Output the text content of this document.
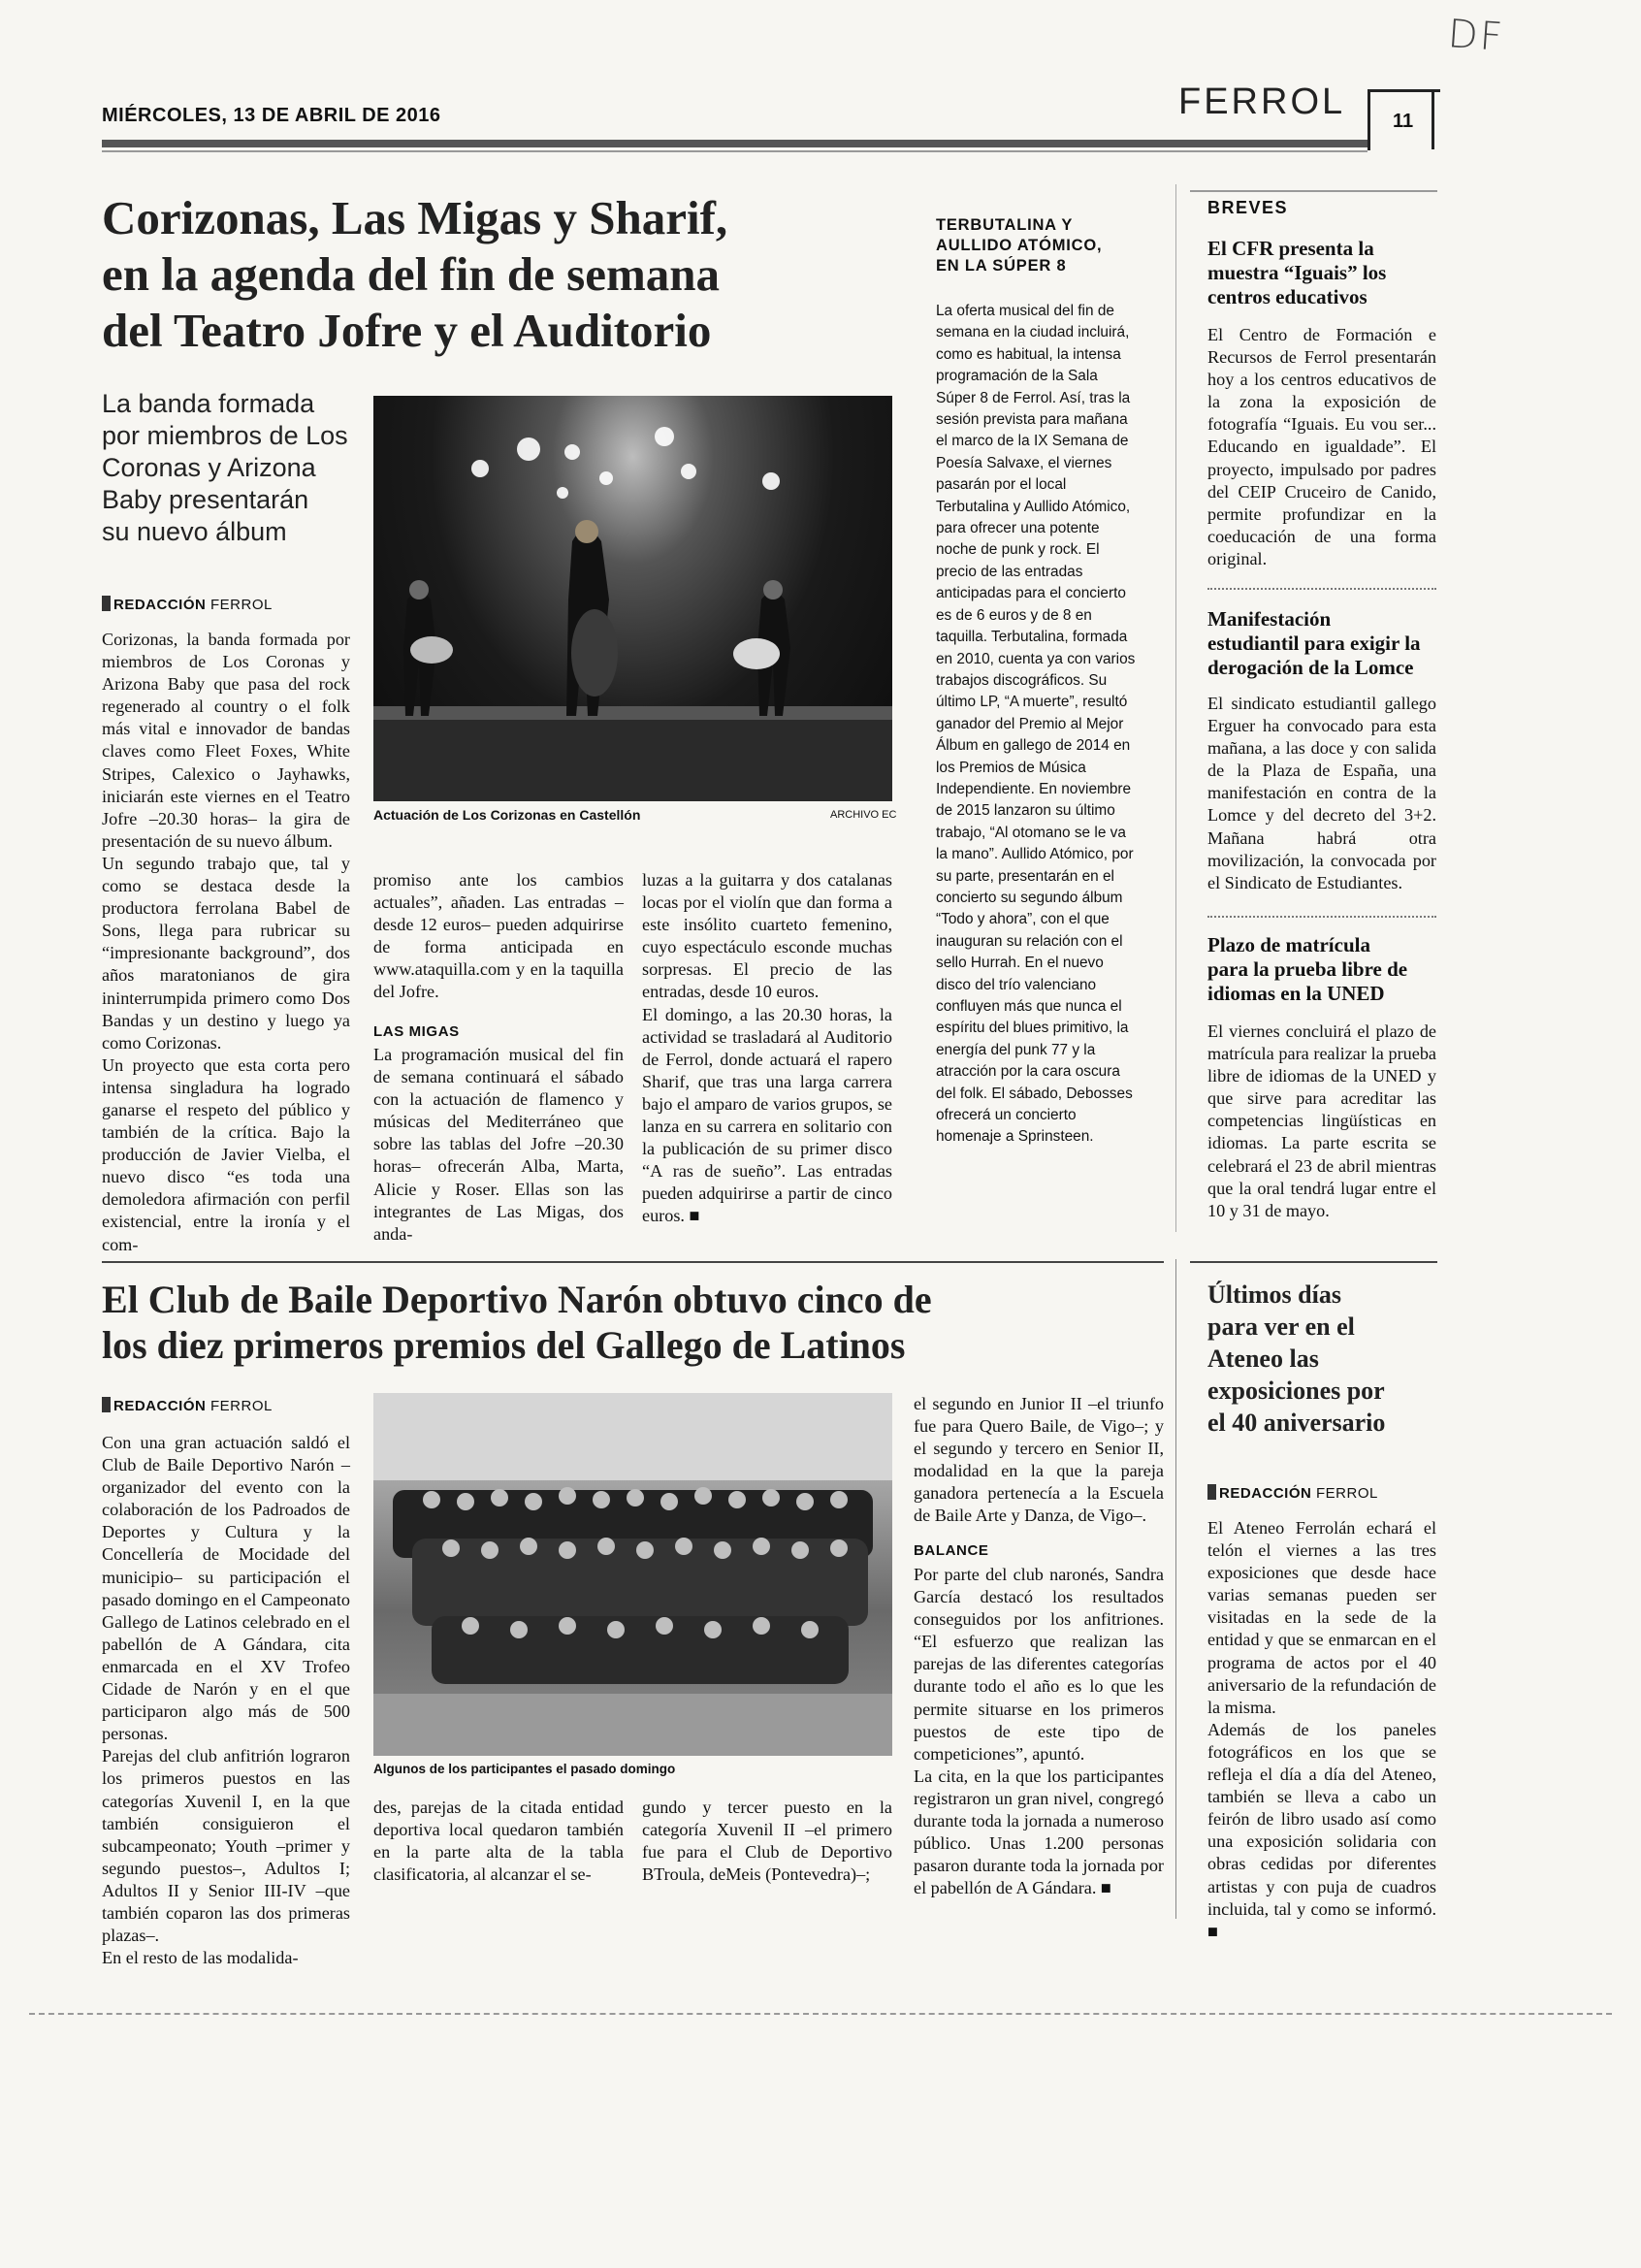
DF
MIÉRCOLES, 13 DE ABRIL DE 2016	FERROL 11
Corizonas, Las Migas y Sharif,
en la agenda del fin de semana
del Teatro Jofre y el Auditorio
La banda formada
por miembros de Los
Coronas y Arizona
Baby presentarán
su nuevo álbum
REDACCIÓN FERROL
Actuación de Los Corizonas en Castellón	ARCHIVO EC
Corizonas, la banda formada por miembros de Los Coronas y Arizona Baby que pasa del rock regenerado al country o el folk más vital e innovador de bandas claves como Fleet Foxes, White Stripes, Calexico o Jayhawks, iniciarán este viernes en el Teatro Jofre –20.30 horas– la gira de presentación de su nuevo álbum.
Un segundo trabajo que, tal y como se destaca desde la productora ferrolana Babel de Sons, llega para rubricar su “impresionante background”, dos años maratonianos de gira ininterrumpida primero como Dos Bandas y un destino y luego ya como Corizonas.
Un proyecto que esta corta pero intensa singladura ha logrado ganarse el respeto del público y también de la crítica. Bajo la producción de Javier Vielba, el nuevo disco “es toda una demoledora afirmación con perfil existencial, entre la ironía y el com-
promiso ante los cambios actuales”, añaden. Las entradas –desde 12 euros– pueden adquirirse de forma anticipada en www.ataquilla.com y en la taquilla del Jofre.
LAS MIGAS
La programación musical del fin de semana continuará el sábado con la actuación de flamenco y músicas del Mediterráneo que sobre las tablas del Jofre –20.30 horas– ofrecerán Alba, Marta, Alicie y Roser. Ellas son las integrantes de Las Migas, dos anda-
luzas a la guitarra y dos catalanas locas por el violín que dan forma a este insólito cuarteto femenino, cuyo espectáculo esconde muchas sorpresas. El precio de las entradas, desde 10 euros.
El domingo, a las 20.30 horas, la actividad se trasladará al Auditorio de Ferrol, donde actuará el rapero Sharif, que tras una larga carrera bajo el amparo de varios grupos, se lanza en su carrera en solitario con la publicación de su primer disco “A ras de sueño”. Las entradas pueden adquirirse a partir de cinco euros. ■
TERBUTALINA Y
AULLIDO ATÓMICO,
EN LA SÚPER 8
La oferta musical del fin de semana en la ciudad incluirá, como es habitual, la intensa programación de la Sala Súper 8 de Ferrol. Así, tras la sesión prevista para mañana el marco de la IX Semana de Poesía Salvaxe, el viernes pasarán por el local Terbutalina y Aullido Atómico, para ofrecer una potente noche de punk y rock. El precio de las entradas anticipadas para el concierto es de 6 euros y de 8 en taquilla. Terbutalina, formada en 2010, cuenta ya con varios trabajos discográficos. Su último LP, “A muerte”, resultó ganador del Premio al Mejor Álbum en gallego de 2014 en los Premios de Música Independiente. En noviembre de 2015 lanzaron su último trabajo, “Al otomano se le va la mano”. Aullido Atómico, por su parte, presentarán en el concierto su segundo álbum “Todo y ahora”, con el que inauguran su relación con el sello Hurrah. En el nuevo disco del trío valenciano confluyen más que nunca el espíritu del blues primitivo, la energía del punk 77 y la atracción por la cara oscura del folk. El sábado, Debosses ofrecerá un concierto homenaje a Sprinsteen.
BREVES
El CFR presenta la
muestra “Iguais” los
centros educativos
El Centro de Formación e Recursos de Ferrol presentarán hoy a los centros educativos de la zona la exposición de fotografía “Iguais. Eu vou ser... Educando en igualdade”. El proyecto, impulsado por padres del CEIP Cruceiro de Canido, permite profundizar en la coeducación de una forma original.
Manifestación
estudiantil para exigir la
derogación de la Lomce
El sindicato estudiantil gallego Erguer ha convocado para esta mañana, a las doce y con salida de la Plaza de España, una manifestación en contra de la Lomce y del decreto del 3+2. Mañana habrá otra movilización, la convocada por el Sindicato de Estudiantes.
Plazo de matrícula
para la prueba libre de
idiomas en la UNED
El viernes concluirá el plazo de matrícula para realizar la prueba libre de idiomas de la UNED y que sirve para acreditar las competencias lingüísticas en idiomas. La parte escrita se celebrará el 23 de abril mientras que la oral tendrá lugar entre el 10 y 31 de mayo.
El Club de Baile Deportivo Narón obtuvo cinco de
los diez primeros premios del Gallego de Latinos
REDACCIÓN FERROL
Algunos de los participantes el pasado domingo
Con una gran actuación saldó el Club de Baile Deportivo Narón –organizador del evento con la colaboración de los Padroados de Deportes y Cultura y la Concellería de Mocidade del municipio– su participación el pasado domingo en el Campeonato Gallego de Latinos celebrado en el pabellón de A Gándara, cita enmarcada en el XV Trofeo Cidade de Narón y en el que participaron algo más de 500 personas.
Parejas del club anfitrión lograron los primeros puestos en las categorías Xuvenil I, en la que también consiguieron el subcampeonato; Youth –primer y segundo puestos–, Adultos I; Adultos II y Senior III-IV –que también coparon las dos primeras plazas–.
En el resto de las modalida-
des, parejas de la citada entidad deportiva local quedaron también en la parte alta de la tabla clasificatoria, al alcanzar el se-
gundo y tercer puesto en la categoría Xuvenil II –el primero fue para el Club de Deportivo BTroula, deMeis (Pontevedra)–;
el segundo en Junior II –el triunfo fue para Quero Baile, de Vigo–; y el segundo y tercero en Senior II, modalidad en la que la pareja ganadora pertenecía a la Escuela de Baile Arte y Danza, de Vigo–.
BALANCE
Por parte del club naronés, Sandra García destacó los resultados conseguidos por los anfitriones. “El esfuerzo que realizan las parejas de las diferentes categorías durante todo el año es lo que les permite situarse en los primeros puestos de este tipo de competiciones”, apuntó.
La cita, en la que los participantes registraron un gran nivel, congregó durante toda la jornada a numeroso público. Unas 1.200 personas pasaron durante toda la jornada por el pabellón de A Gándara. ■
Últimos días
para ver en el
Ateneo las
exposiciones por
el 40 aniversario
REDACCIÓN FERROL
El Ateneo Ferrolán echará el telón el viernes a las tres exposiciones que desde hace varias semanas pueden ser visitadas en la sede de la entidad y que se enmarcan en el programa de actos por el 40 aniversario de la refundación de la misma.
Además de los paneles fotográficos en los que se refleja el día a día del Ateneo, también se lleva a cabo un feirón de libro usado así como una exposición solidaria con obras cedidas por diferentes artistas y con puja de cuadros incluida, tal y como se informó. ■
